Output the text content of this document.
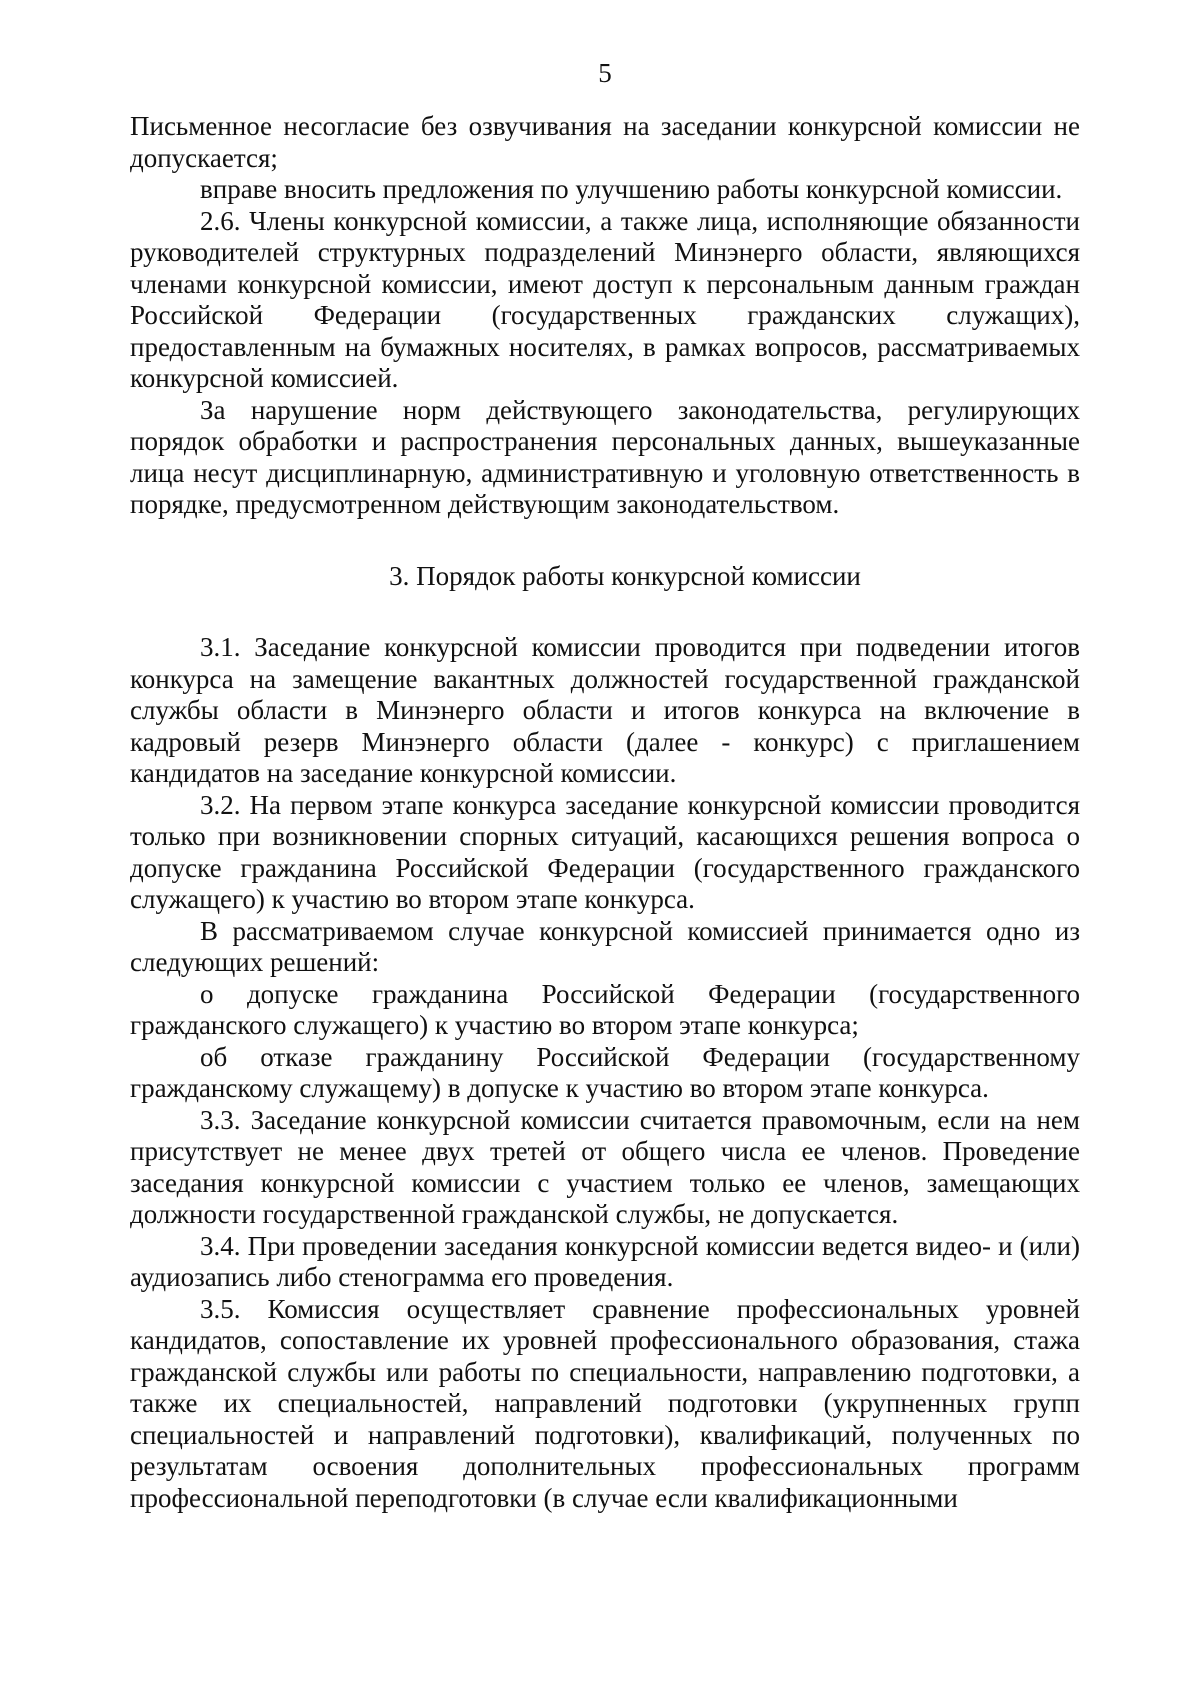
5

Письменное несогласие без озвучивания на заседании конкурсной комиссии не допускается;

вправе вносить предложения по улучшению работы конкурсной комиссии.

2.6. Члены конкурсной комиссии, а также лица, исполняющие обязанности руководителей структурных подразделений Минэнерго области, являющихся членами конкурсной комиссии, имеют доступ к персональным данным граждан Российской Федерации (государственных гражданских служащих), предоставленным на бумажных носителях, в рамках вопросов, рассматриваемых конкурсной комиссией.

За нарушение норм действующего законодательства, регулирующих порядок обработки и распространения персональных данных, вышеуказанные лица несут дисциплинарную, административную и уголовную ответственность в порядке, предусмотренном действующим законодательством.

3. Порядок работы конкурсной комиссии

3.1. Заседание конкурсной комиссии проводится при подведении итогов конкурса на замещение вакантных должностей государственной гражданской службы области в Минэнерго области и итогов конкурса на включение в кадровый резерв Минэнерго области (далее - конкурс) с приглашением кандидатов на заседание конкурсной комиссии.

3.2. На первом этапе конкурса заседание конкурсной комиссии проводится только при возникновении спорных ситуаций, касающихся решения вопроса о допуске гражданина Российской Федерации (государственного гражданского служащего) к участию во втором этапе конкурса.

В рассматриваемом случае конкурсной комиссией принимается одно из следующих решений:

о допуске гражданина Российской Федерации (государственного гражданского служащего) к участию во втором этапе конкурса;

об отказе гражданину Российской Федерации (государственному гражданскому служащему) в допуске к участию во втором этапе конкурса.

3.3. Заседание конкурсной комиссии считается правомочным, если на нем присутствует не менее двух третей от общего числа ее членов. Проведение заседания конкурсной комиссии с участием только ее членов, замещающих должности государственной гражданской службы, не допускается.

3.4. При проведении заседания конкурсной комиссии ведется видео- и (или) аудиозапись либо стенограмма его проведения.

3.5. Комиссия осуществляет сравнение профессиональных уровней кандидатов, сопоставление их уровней профессионального образования, стажа гражданской службы или работы по специальности, направлению подготовки, а также их специальностей, направлений подготовки (укрупненных групп специальностей и направлений подготовки), квалификаций, полученных по результатам освоения дополнительных профессиональных программ профессиональной переподготовки (в случае если квалификационными
